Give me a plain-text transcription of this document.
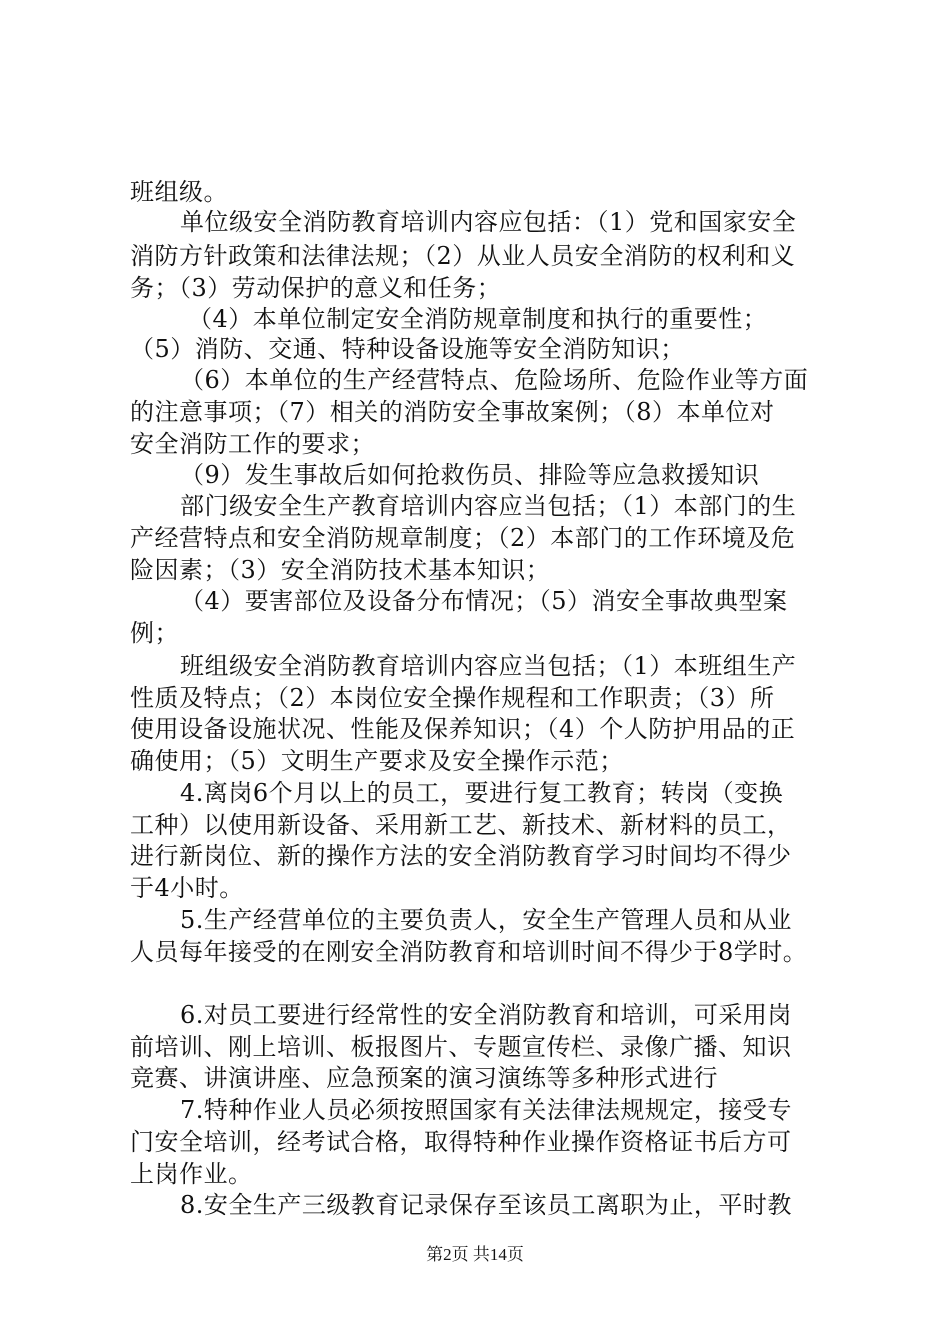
班组级。
单位级安全消防教育培训内容应包括：（1）党和国家安全
消防方针政策和法律法规；（2）从业人员安全消防的权利和义
务；（3）劳动保护的意义和任务；
（4）本单位制定安全消防规章制度和执行的重要性；
（5）消防、交通、特种设备设施等安全消防知识；
（6）本单位的生产经营特点、危险场所、危险作业等方面
的注意事项；（7）相关的消防安全事故案例；（8）本单位对
安全消防工作的要求；
（9）发生事故后如何抢救伤员、排险等应急救援知识
部门级安全生产教育培训内容应当包括；（1）本部门的生
产经营特点和安全消防规章制度；（2）本部门的工作环境及危
险因素；（3）安全消防技术基本知识；
（4）要害部位及设备分布情况；（5）消安全事故典型案
例；
班组级安全消防教育培训内容应当包括；（1）本班组生产
性质及特点；（2）本岗位安全操作规程和工作职责；（3）所
使用设备设施状况、性能及保养知识；（4）个人防护用品的正
确使用；（5）文明生产要求及安全操作示范；
4.离岗6个月以上的员工，要进行复工教育；转岗（变换
工种）以使用新设备、采用新工艺、新技术、新材料的员工，
进行新岗位、新的操作方法的安全消防教育学习时间均不得少
于4小时。
5.生产经营单位的主要负责人，安全生产管理人员和从业
人员每年接受的在刚安全消防教育和培训时间不得少于8学时。
6.对员工要进行经常性的安全消防教育和培训，可采用岗
前培训、刚上培训、板报图片、专题宣传栏、录像广播、知识
竞赛、讲演讲座、应急预案的演习演练等多种形式进行
7.特种作业人员必须按照国家有关法律法规规定，接受专
门安全培训，经考试合格，取得特种作业操作资格证书后方可
上岗作业。
8.安全生产三级教育记录保存至该员工离职为止，平时教
第2页 共14页
